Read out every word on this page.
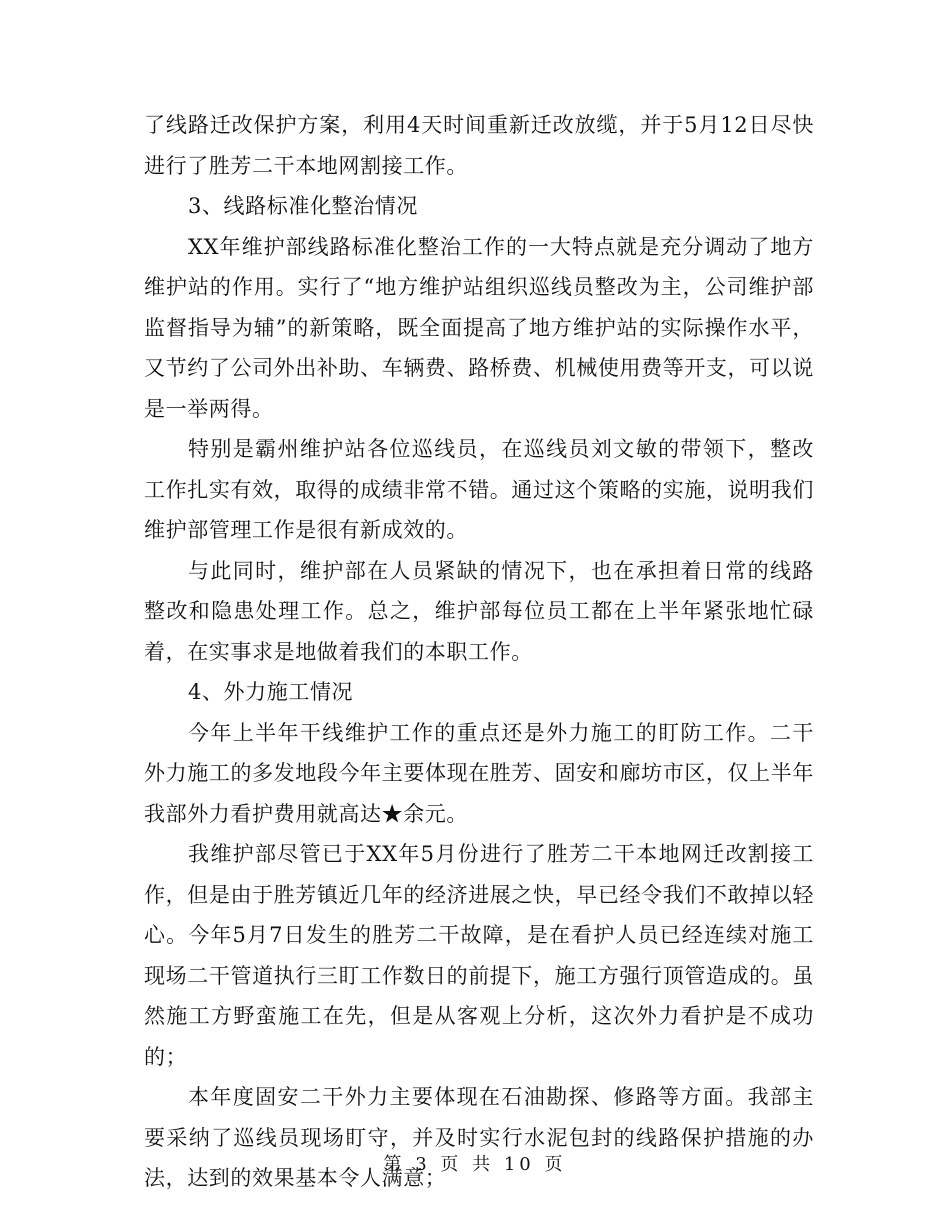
了线路迁改保护方案，利用4天时间重新迁改放缆，并于5月12日尽快进行了胜芳二干本地网割接工作。

3、线路标准化整治情况

XX年维护部线路标准化整治工作的一大特点就是充分调动了地方维护站的作用。实行了“地方维护站组织巡线员整改为主，公司维护部监督指导为辅”的新策略，既全面提高了地方维护站的实际操作水平，又节约了公司外出补助、车辆费、路桥费、机械使用费等开支，可以说是一举两得。

特别是霸州维护站各位巡线员，在巡线员刘文敏的带领下，整改工作扎实有效，取得的成绩非常不错。通过这个策略的实施，说明我们维护部管理工作是很有新成效的。

与此同时，维护部在人员紧缺的情况下，也在承担着日常的线路整改和隐患处理工作。总之，维护部每位员工都在上半年紧张地忙碌着，在实事求是地做着我们的本职工作。

4、外力施工情况

今年上半年干线维护工作的重点还是外力施工的盯防工作。二干外力施工的多发地段今年主要体现在胜芳、固安和廊坊市区，仅上半年我部外力看护费用就高达★余元。

我维护部尽管已于XX年5月份进行了胜芳二干本地网迁改割接工作，但是由于胜芳镇近几年的经济进展之快，早已经令我们不敢掉以轻心。今年5月7日发生的胜芳二干故障，是在看护人员已经连续对施工现场二干管道执行三盯工作数日的前提下，施工方强行顶管造成的。虽然施工方野蛮施工在先，但是从客观上分析，这次外力看护是不成功的；

本年度固安二干外力主要体现在石油勘探、修路等方面。我部主要采纳了巡线员现场盯守，并及时实行水泥包封的线路保护措施的办法，达到的效果基本令人满意；

第 3 页 共 10 页
